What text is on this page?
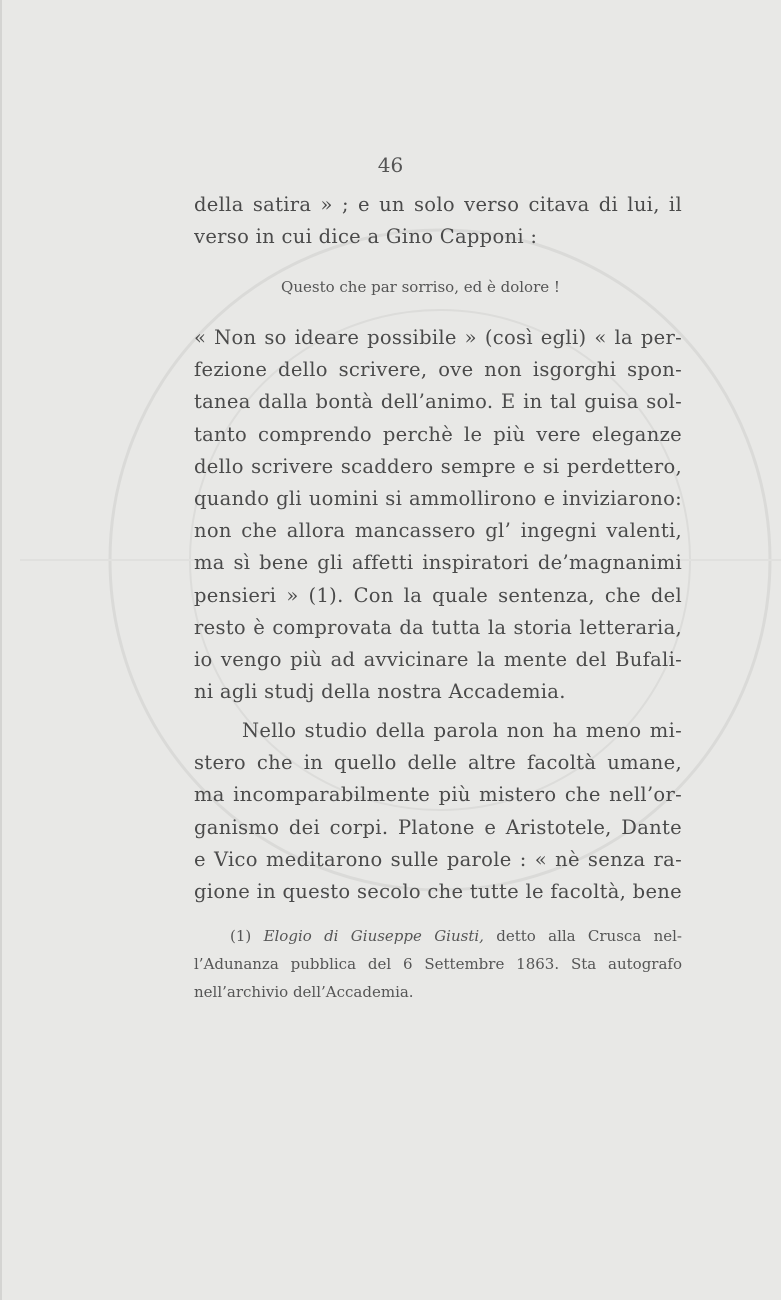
46
della satira » ; e un solo verso citava di lui, il
verso in cui dice a Gino Capponi :
Questo che par sorriso, ed è dolore !
« Non so ideare possibile » (così egli) « la per-
fezione dello scrivere, ove non isgorghi spon-
tanea dalla bontà dell’animo. E in tal guisa sol-
tanto comprendo perchè le più vere eleganze
dello scrivere scaddero sempre e si perdettero,
quando gli uomini si ammollirono e inviziarono:
non che allora mancassero gl’ ingegni valenti,
ma sì bene gli affetti inspiratori de’magnanimi
pensieri » (1). Con la quale sentenza, che del
resto è comprovata da tutta la storia letteraria,
io vengo più ad avvicinare la mente del Bufali-
ni agli studj della nostra Accademia.
Nello studio della parola non ha meno mi-
stero che in quello delle altre facoltà umane,
ma incomparabilmente più mistero che nell’or-
ganismo dei corpi. Platone e Aristotele, Dante
e Vico meditarono sulle parole : « nè senza ra-
gione in questo secolo che tutte le facoltà, bene
(1) Elogio di Giuseppe Giusti, detto alla Crusca nel-
l’Adunanza pubblica del 6 Settembre 1863. Sta autografo
nell’archivio dell’Accademia.
